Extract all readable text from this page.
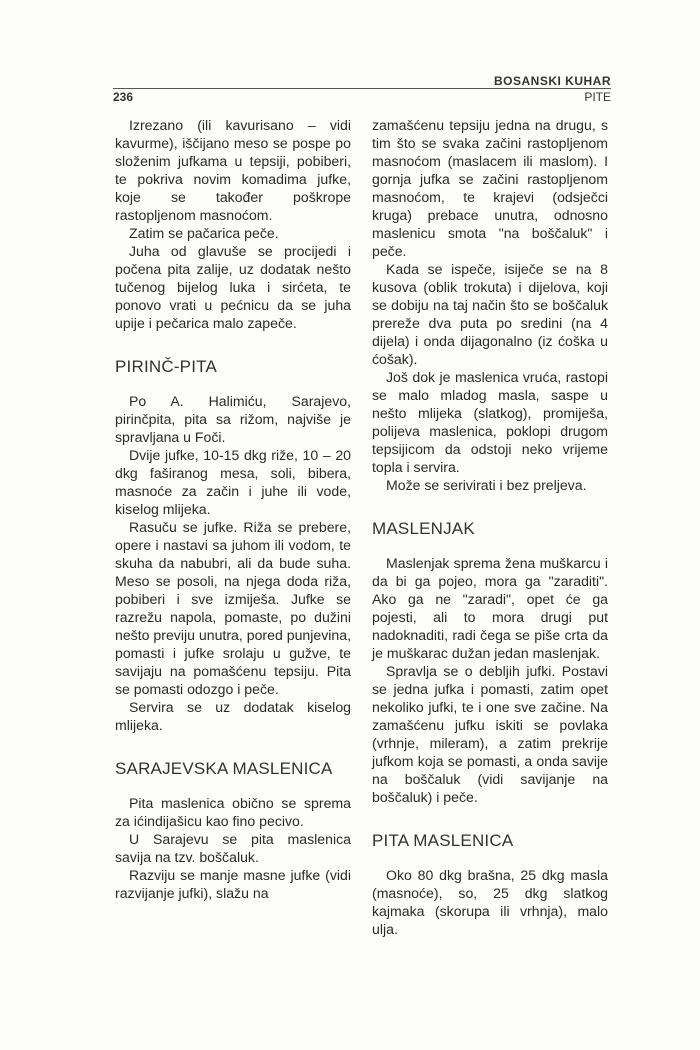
BOSANSKI KUHAR
236	PITE

Izrezano (ili kavurisano – vidi kavurme), iščijano meso se pospe po složenim jufkama u tepsiji, pobiberi, te pokriva novim komadima jufke, koje se također poškrope rastopljenom masnoćom.

Zatim se pačarica peče.

Juha od glavuše se procijedi i počena pita zalije, uz dodatak nešto tučenog bijelog luka i sirćeta, te ponovo vrati u pećnicu da se juha upije i pečarica malo zapeče.

PIRINČ-PITA

Po A. Halimiću, Sarajevo, pirinčpita, pita sa rižom, najviše je spravljana u Foči.

Dvije jufke, 10-15 dkg riže, 10 – 20 dkg faširanog mesa, soli, bibera, masnoće za začin i juhe ili vode, kiselog mlijeka.

Rasuču se jufke. Riža se prebere, opere i nastavi sa juhom ili vodom, te skuha da nabubri, ali da bude suha. Meso se posoli, na njega doda riža, pobiberi i sve izmiješa. Jufke se razrežu napola, pomaste, po dužini nešto previju unutra, pored punjevina, pomasti i jufke srolaju u gužve, te savijaju na pomašćenu tepsiju. Pita se pomasti odozgo i peče.

Servira se uz dodatak kiselog mlijeka.

SARAJEVSKA MASLENICA

Pita maslenica obično se sprema za ićindijašicu kao fino pecivo.

U Sarajevu se pita maslenica savija na tzv. boščaluk.

Razviju se manje masne jufke (vidi razvijanje jufki), slažu na

zamašćenu tepsiju jedna na drugu, s tim što se svaka začini rastopljenom masnoćom (maslacem ili maslom). I gornja jufka se začini rastopljenom masnoćom, te krajevi (odsječci kruga) prebace unutra, odnosno maslenicu smota "na boščaluk" i peče.

Kada se ispeče, isiječe se na 8 kusova (oblik trokuta) i dijelova, koji se dobiju na taj način što se boščaluk prereže dva puta po sredini (na 4 dijela) i onda dijagonalno (iz ćoška u ćošak).

Još dok je maslenica vruća, rastopi se malo mladog masla, saspe u nešto mlijeka (slatkog), promiješa, polijeva maslenica, poklopi drugom tepsijicom da odstoji neko vrijeme topla i servira.

Može se serivirati i bez preljeva.

MASLENJAK

Maslenjak sprema žena muškarcu i da bi ga pojeo, mora ga "zaraditi". Ako ga ne "zaradi", opet će ga pojesti, ali to mora drugi put nadoknaditi, radi čega se piše crta da je muškarac dužan jedan maslenjak.

Spravlja se o debljih jufki. Postavi se jedna jufka i pomasti, zatim opet nekoliko jufki, te i one sve začine. Na zamašćenu jufku iskiti se povlaka (vrhnje, mileram), a zatim prekrije jufkom koja se pomasti, a onda savije na boščaluk (vidi savijanje na boščaluk) i peče.

PITA MASLENICA

Oko 80 dkg brašna, 25 dkg masla (masnoće), so, 25 dkg slatkog kajmaka (skorupa ili vrhnja), malo ulja.
